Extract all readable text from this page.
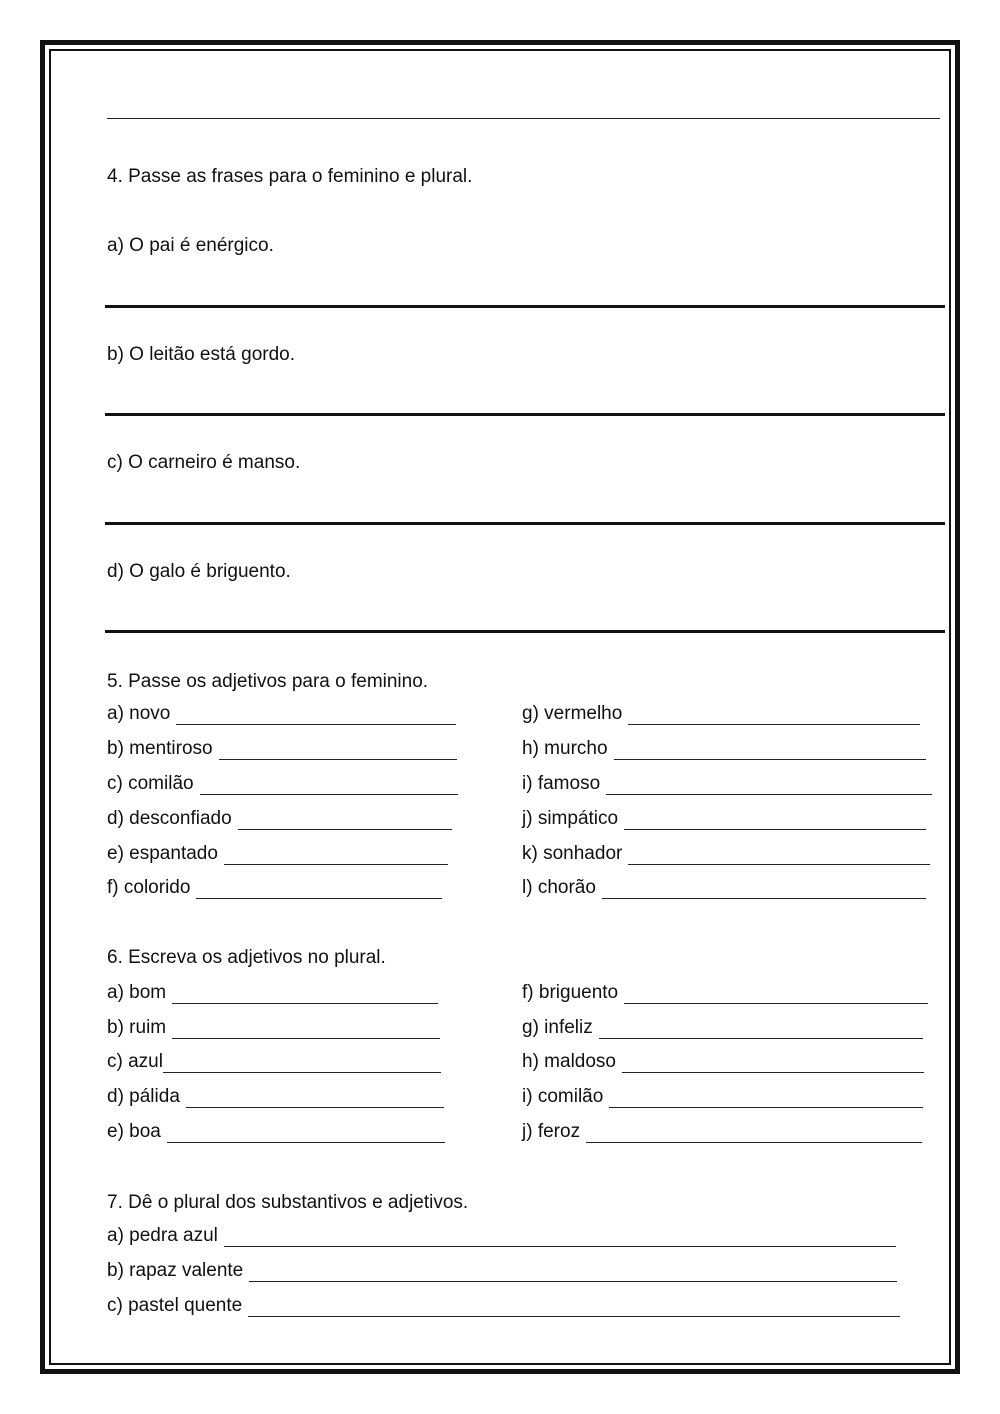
4. Passe as frases para o feminino e plural.
a) O pai é enérgico.
b) O leitão está gordo.
c) O carneiro é manso.
d) O galo é briguento.
5. Passe os adjetivos para o feminino.
a) novo
b) mentiroso
c) comilão
d) desconfiado
e) espantado
f) colorido
g) vermelho
h) murcho
i) famoso
j) simpático
k) sonhador
l) chorão
6. Escreva os adjetivos no plural.
a) bom
b) ruim
c) azul
d) pálida
e) boa
f) briguento
g) infeliz
h) maldoso
i) comilão
j) feroz
7. Dê o plural dos substantivos e adjetivos.
a) pedra azul
b) rapaz valente
c) pastel quente
